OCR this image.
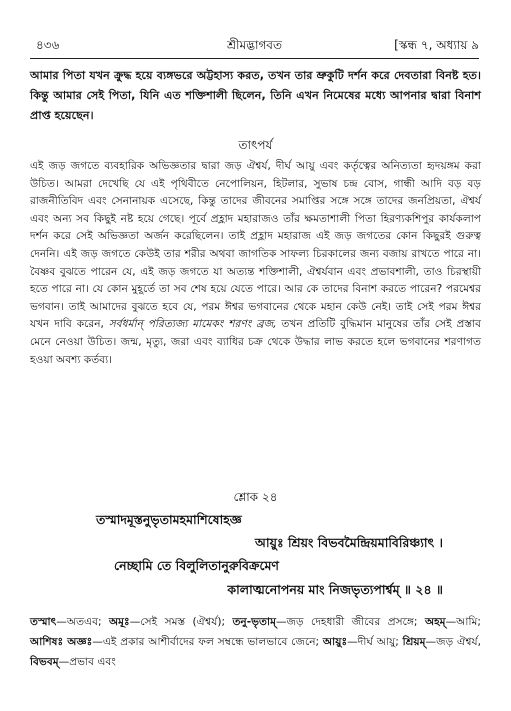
৪৩৬	শ্রীমদ্ভাগবত	[স্কন্ধ ৭, অধ্যায় ৯
আমার পিতা যখন ক্রুদ্ধ হয়ে ব্যঙ্গভরে অট্টহাস্য করত, তখন তার ভ্রুকুটি দর্শন করে দেবতারা বিনষ্ট হত। কিন্তু আমার সেই পিতা, যিনি এত শক্তিশালী ছিলেন, তিনি এখন নিমেষের মধ্যে আপনার দ্বারা বিনাশ প্রাপ্ত হয়েছেন।
তাৎপর্য
এই জড় জগতে ব্যবহারিক অভিজ্ঞতার দ্বারা জড় ঐশ্বর্য, দীর্ঘ আয়ু এবং কর্তৃত্বের অনিত্যতা হৃদয়ঙ্গম করা উচিত। আমরা দেখেছি যে এই পৃথিবীতে নেপোলিয়ন, হিটলার, সুভাষ চন্দ্র বোস, গান্ধী আদি বড় বড় রাজনীতিবিদ এবং সেনানায়ক এসেছে, কিন্তু তাদের জীবনের সমাপ্তির সঙ্গে সঙ্গে তাদের জনপ্রিয়তা, ঐশ্বর্য এবং অন্য সব কিছুই নষ্ট হয়ে গেছে। পূর্বে প্রহ্লাদ মহারাজও তাঁর ক্ষমতাশালী পিতা হিরণ্যকশিপুর কার্যকলাপ দর্শন করে সেই অভিজ্ঞতা অর্জন করেছিলেন। তাই প্রহ্লাদ মহারাজ এই জড় জগতের কোন কিছুরই গুরুত্ব দেননি। এই জড় জগতে কেউই তার শরীর অথবা জাগতিক সাফল্য চিরকালের জন্য বজায় রাখতে পারে না। বৈষ্ণব বুঝতে পারেন যে, এই জড় জগতে যা অত্যন্ত শক্তিশালী, ঐশ্বর্যবান এবং প্রভাবশালী, তাও চিরস্থায়ী হতে পারে না। যে কোন মুহূর্তে তা সব শেষ হয়ে যেতে পারে। আর কে তাদের বিনাশ করতে পারেন? পরমেশ্বর ভগবান। তাই আমাদের বুঝতে হবে যে, পরম ঈশ্বর ভগবানের থেকে মহান কেউ নেই। তাই সেই পরম ঈশ্বর যখন দাবি করেন, সর্বধর্মান্ পরিত্যজ্য মামেকং শরণং ব্রজ, তখন প্রতিটি বুদ্ধিমান মানুষের তাঁর সেই প্রস্তাব মেনে নেওয়া উচিত। জন্ম, মৃত্যু, জরা এবং ব্যাধির চক্র থেকে উদ্ধার লাভ করতে হলে ভগবানের শরণাগত হওয়া অবশ্য কর্তব্য।
শ্লোক ২৪
তস্মাদমূস্তনুভৃতামহমাশিষোহজ্ঞ
আয়ুঃ শ্রিয়ং বিভবমৈন্দ্রিয়মাবিরিঞ্চ্যাৎ ।
নেচ্ছামি তে বিলুলিতানুরুবিক্রমেণ
কালাত্মনোপনয় মাং নিজভৃত্যপার্শ্বম্ ॥ ২৪ ॥
তস্মাৎ—অতএব; অমূঃ—সেই সমস্ত (ঐশ্বর্য); তনু-ভৃতাম্—জড় দেহধারী জীবের প্রসঙ্গে; অহম্—আমি; আশিষঃ অজ্ঞঃ—এই প্রকার আশীর্বাদের ফল সম্বন্ধে ভালভাবে জেনে; আয়ুঃ—দীর্ঘ আয়ু; শ্রিয়ম্—জড় ঐশ্বর্য, বিভবম্—প্রভাব এবং
